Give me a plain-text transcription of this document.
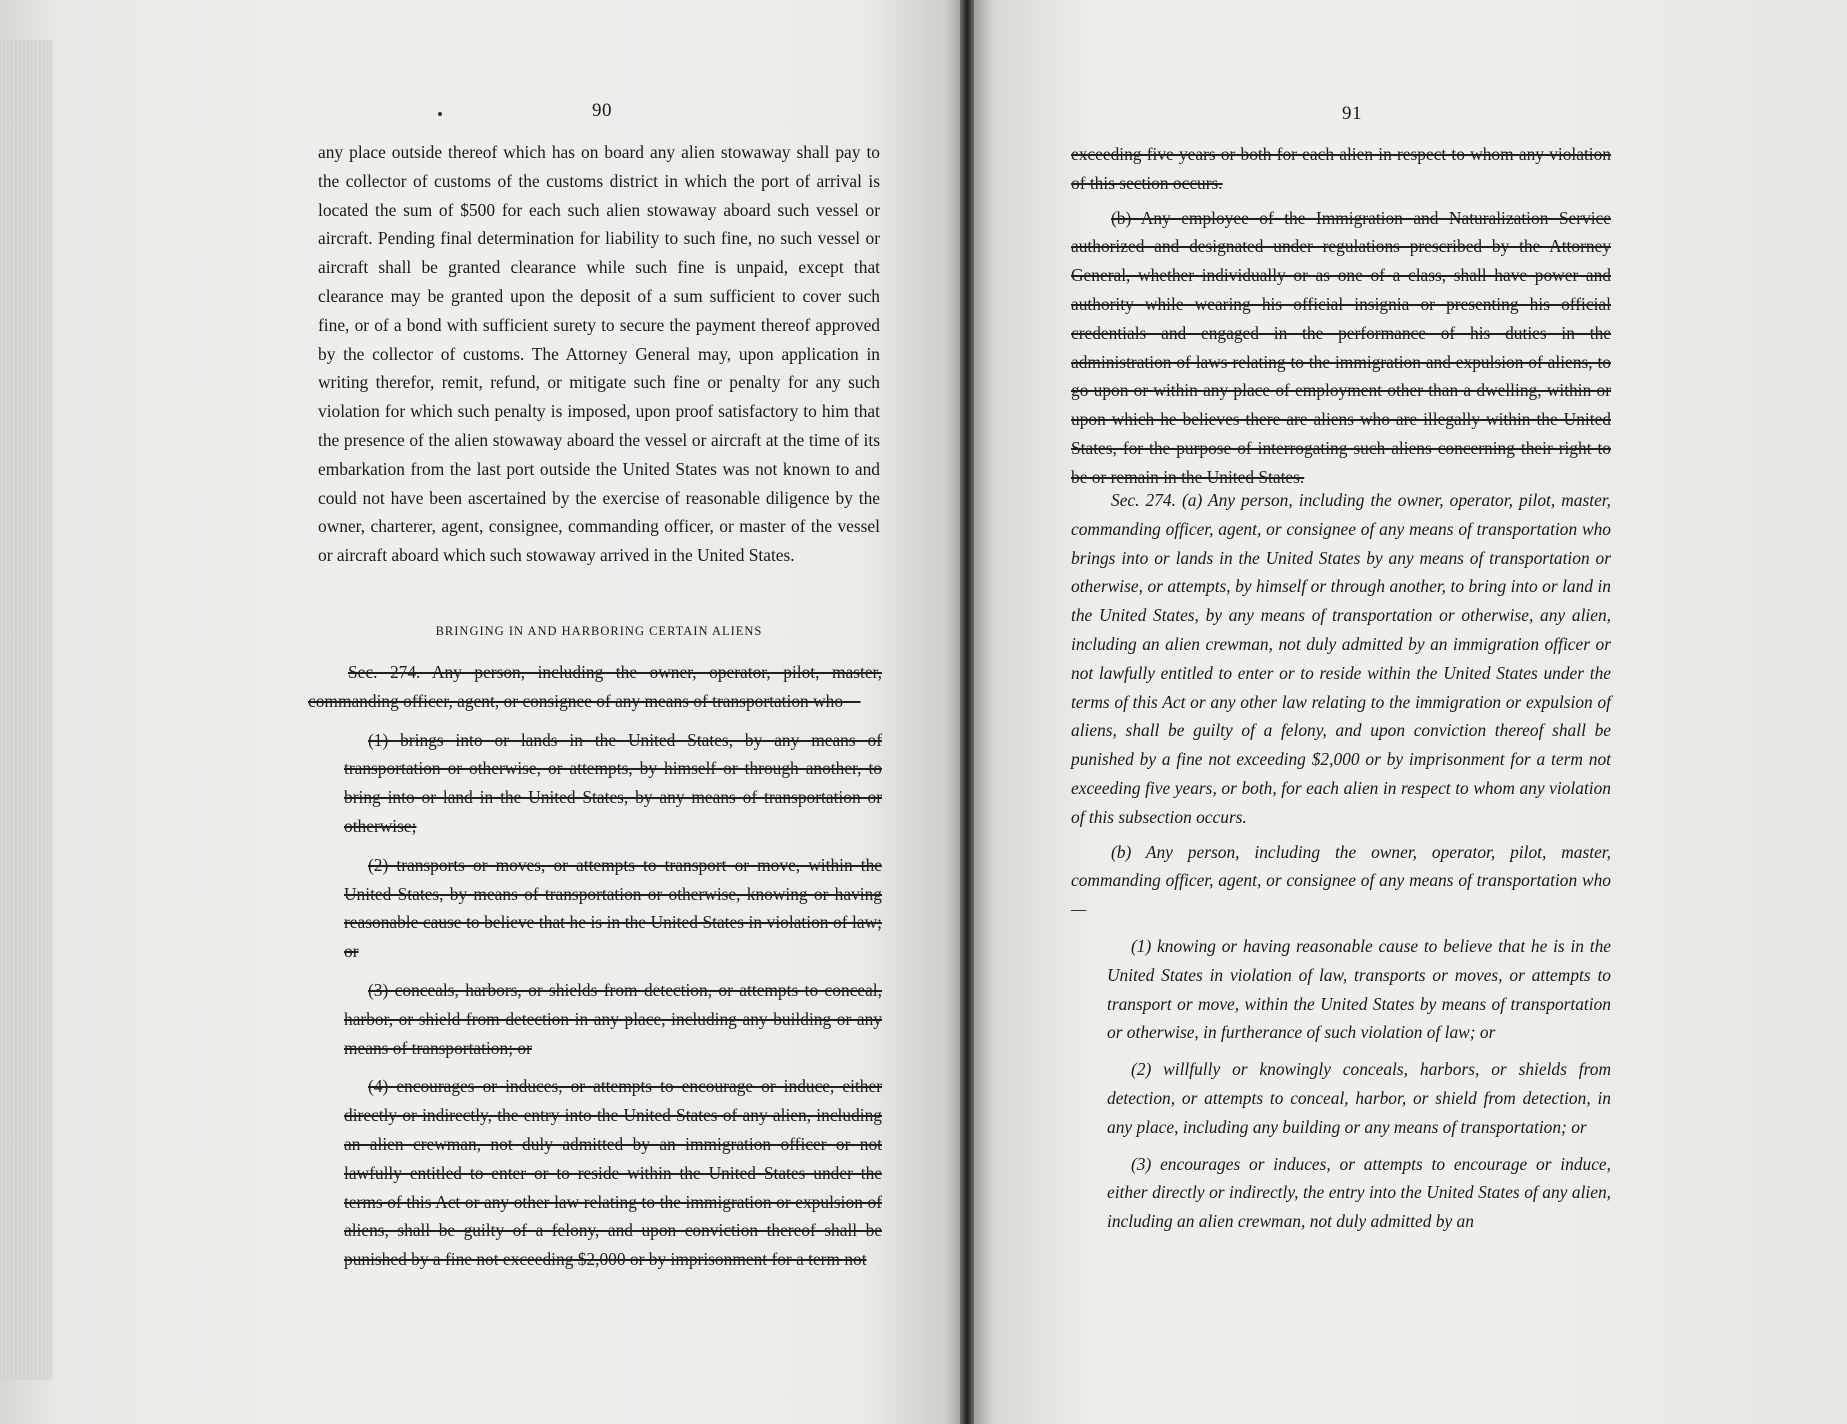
90

any place outside thereof which has on board any alien stowaway shall pay to the collector of customs of the customs district in which the port of arrival is located the sum of $500 for each such alien stowaway aboard such vessel or aircraft. Pending final determination for liability to such fine, no such vessel or aircraft shall be granted clearance while such fine is unpaid, except that clearance may be granted upon the deposit of a sum sufficient to cover such fine, or of a bond with sufficient surety to secure the payment thereof approved by the collector of customs. The Attorney General may, upon application in writing therefor, remit, refund, or mitigate such fine or penalty for any such violation for which such penalty is imposed, upon proof satisfactory to him that the presence of the alien stowaway aboard the vessel or aircraft at the time of its embarkation from the last port outside the United States was not known to and could not have been ascertained by the exercise of reasonable diligence by the owner, charterer, agent, consignee, commanding officer, or master of the vessel or aircraft aboard which such stowaway arrived in the United States.

BRINGING IN AND HARBORING CERTAIN ALIENS

Sec. 274. Any person, including the owner, operator, pilot, master, commanding officer, agent, or consignee of any means of transportation who—

(1) brings into or lands in the United States, by any means of transportation or otherwise, or attempts, by himself or through another, to bring into or land in the United States, by any means of transportation or otherwise;

(2) transports or moves, or attempts to transport or move, within the United States, by means of transportation or otherwise, knowing or having reasonable cause to believe that he is in the United States in violation of law; or

(3) conceals, harbors, or shields from detection, or attempts to conceal, harbor, or shield from detection in any place, including any building or any means of transportation; or

(4) encourages or induces, or attempts to encourage or induce, either directly or indirectly, the entry into the United States of any alien, including an alien crewman, not duly admitted by an immigration officer or not lawfully entitled to enter or to reside within the United States under the terms of this Act or any other law relating to the immigration or expulsion of aliens, shall be guilty of a felony, and upon conviction thereof shall be punished by a fine not exceeding $2,000 or by imprisonment for a term not

91

exceeding five years or both for each alien in respect to whom any violation of this section occurs.

(b) Any employee of the Immigration and Naturalization Service authorized and designated under regulations prescribed by the Attorney General, whether individually or as one of a class, shall have power and authority while wearing his official insignia or presenting his official credentials and engaged in the performance of his duties in the administration of laws relating to the immigration and expulsion of aliens, to go upon or within any place of employment other than a dwelling, within or upon which he believes there are aliens who are illegally within the United States, for the purpose of interrogating such aliens concerning their right to be or remain in the United States.

Sec. 274. (a) Any person, including the owner, operator, pilot, master, commanding officer, agent, or consignee of any means of transportation who brings into or lands in the United States by any means of transportation or otherwise, or attempts, by himself or through another, to bring into or land in the United States, by any means of transportation or otherwise, any alien, including an alien crewman, not duly admitted by an immigration officer or not lawfully entitled to enter or to reside within the United States under the terms of this Act or any other law relating to the immigration or expulsion of aliens, shall be guilty of a felony, and upon conviction thereof shall be punished by a fine not exceeding $2,000 or by imprisonment for a term not exceeding five years, or both, for each alien in respect to whom any violation of this subsection occurs.

(b) Any person, including the owner, operator, pilot, master, commanding officer, agent, or consignee of any means of transportation who—

(1) knowing or having reasonable cause to believe that he is in the United States in violation of law, transports or moves, or attempts to transport or move, within the United States by means of transportation or otherwise, in furtherance of such violation of law; or

(2) willfully or knowingly conceals, harbors, or shields from detection, or attempts to conceal, harbor, or shield from detection, in any place, including any building or any means of transportation; or

(3) encourages or induces, or attempts to encourage or induce, either directly or indirectly, the entry into the United States of any alien, including an alien crewman, not duly admitted by an
